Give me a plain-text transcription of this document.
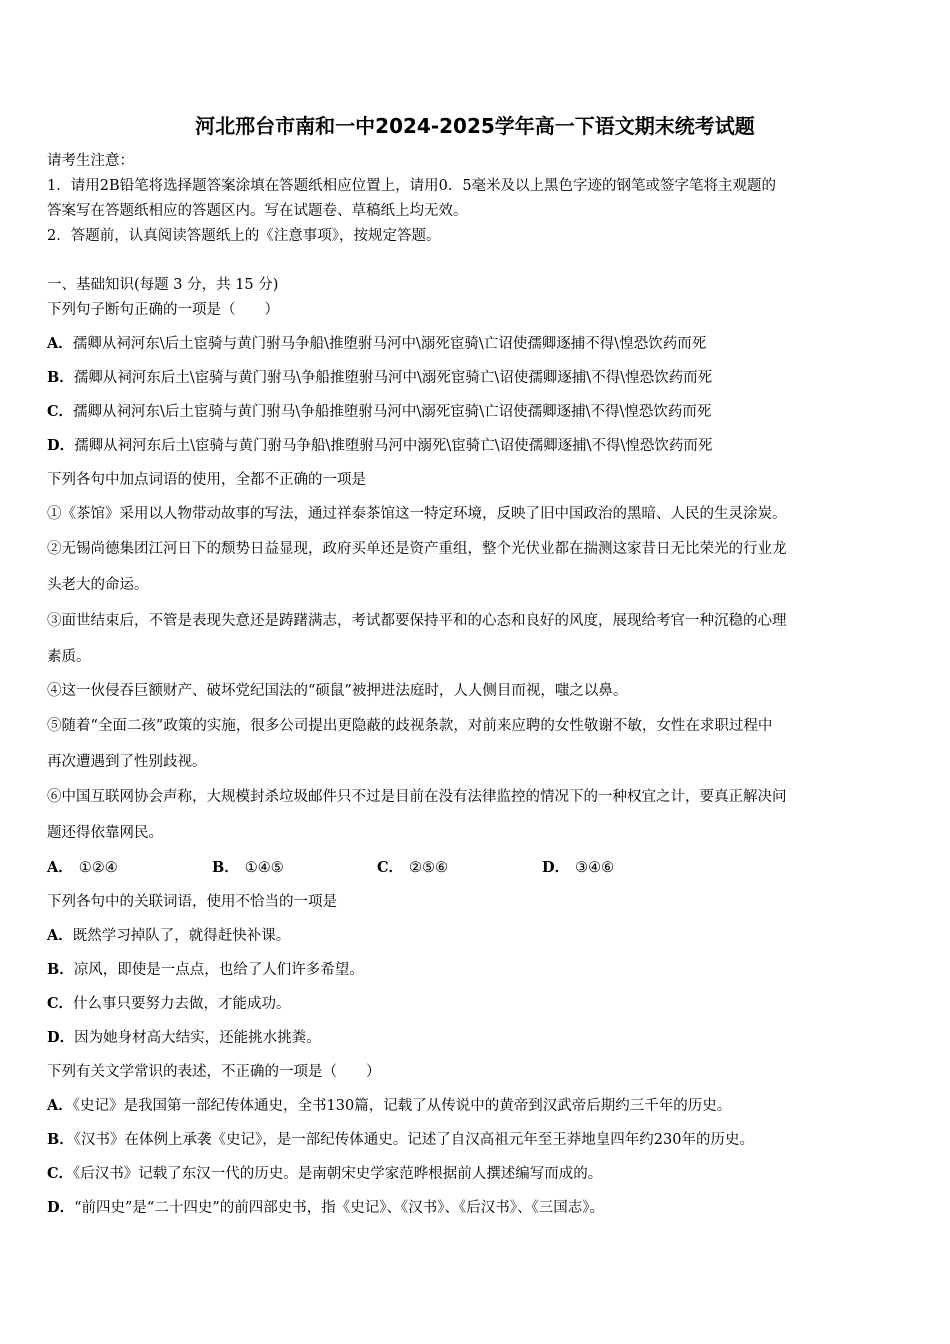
河北邢台市南和一中2024-2025学年高一下语文期末统考试题
请考生注意：
1．请用2B铅笔将选择题答案涂填在答题纸相应位置上，请用0．5毫米及以上黑色字迹的钢笔或签字笔将主观题的
答案写在答题纸相应的答题区内。写在试题卷、草稿纸上均无效。
2．答题前，认真阅读答题纸上的《注意事项》，按规定答题。
一、基础知识(每题 3 分，共 15 分)
下列句子断句正确的一项是（　　）
A．孺卿从祠河东\后土宦骑与黄门驸马争船\推堕驸马河中\溺死宦骑\亡诏使孺卿逐捕不得\惶恐饮药而死
B．孺卿从祠河东后土\宦骑与黄门驸马\争船推堕驸马河中\溺死宦骑亡\诏使孺卿逐捕\不得\惶恐饮药而死
C．孺卿从祠河东\后土宦骑与黄门驸马\争船推堕驸马河中\溺死宦骑\亡诏使孺卿逐捕\不得\惶恐饮药而死
D．孺卿从祠河东后土\宦骑与黄门驸马争船\推堕驸马河中溺死\宦骑亡\诏使孺卿逐捕\不得\惶恐饮药而死
下列各句中加点词语的使用，全都不正确的一项是
①《茶馆》采用以人物带动故事的写法，通过祥泰茶馆这一特定环境，反映了旧中国政治的黑暗、人民的生灵涂炭。
②无锡尚德集团江河日下的颓势日益显现，政府买单还是资产重组，整个光伏业都在揣测这家昔日无比荣光的行业龙
头老大的命运。
③面世结束后，不管是表现失意还是踌躇满志，考试都要保持平和的心态和良好的风度，展现给考官一种沉稳的心理
素质。
④这一伙侵吞巨额财产、破坏党纪国法的“硕鼠”被押进法庭时，人人侧目而视，嗤之以鼻。
⑤随着“全面二孩”政策的实施，很多公司提出更隐蔽的歧视条款，对前来应聘的女性敬谢不敏，女性在求职过程中
再次遭遇到了性别歧视。
⑥中国互联网协会声称，大规模封杀垃圾邮件只不过是目前在没有法律监控的情况下的一种权宜之计，要真正解决问
题还得依靠网民。
A． ①②④	B． ①④⑤	C． ②⑤⑥	D． ③④⑥
下列各句中的关联词语，使用不恰当的一项是
A．既然学习掉队了，就得赶快补课。
B．凉风，即使是一点点，也给了人们许多希望。
C．什么事只要努力去做，才能成功。
D．因为她身材高大结实，还能挑水挑粪。
下列有关文学常识的表述，不正确的一项是（　　）
A．《史记》是我国第一部纪传体通史，全书130篇，记载了从传说中的黄帝到汉武帝后期约三千年的历史。
B．《汉书》在体例上承袭《史记》，是一部纪传体通史。记述了自汉高祖元年至王莽地皇四年约230年的历史。
C．《后汉书》记载了东汉一代的历史。是南朝宋史学家范晔根据前人撰述编写而成的。
D．“前四史”是“二十四史”的前四部史书，指《史记》、《汉书》、《后汉书》、《三国志》。
